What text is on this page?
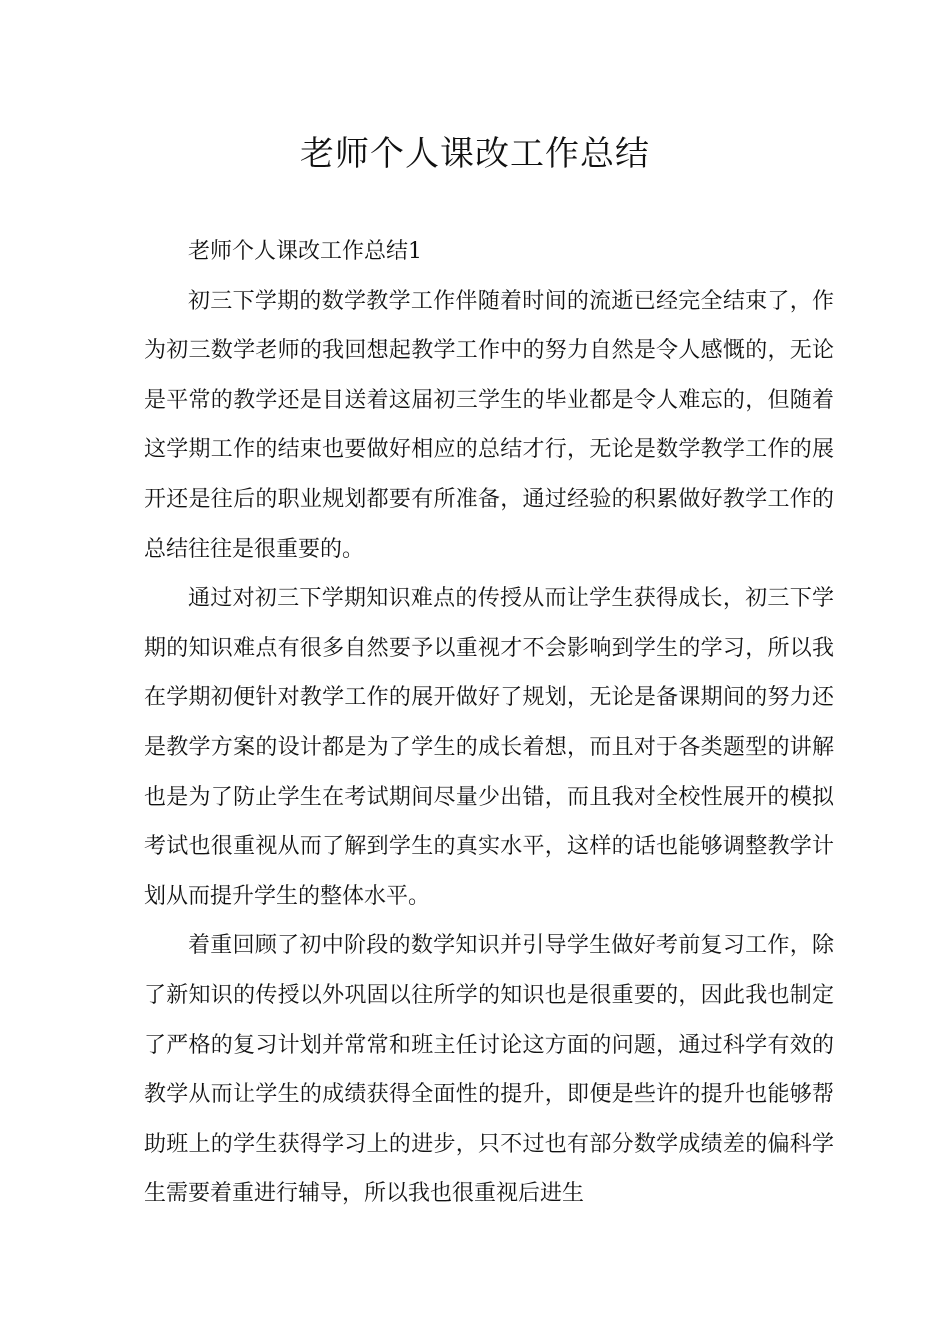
老师个人课改工作总结

老师个人课改工作总结1

初三下学期的数学教学工作伴随着时间的流逝已经完全结束了，作为初三数学老师的我回想起教学工作中的努力自然是令人感慨的，无论是平常的教学还是目送着这届初三学生的毕业都是令人难忘的，但随着这学期工作的结束也要做好相应的总结才行，无论是数学教学工作的展开还是往后的职业规划都要有所准备，通过经验的积累做好教学工作的总结往往是很重要的。

通过对初三下学期知识难点的传授从而让学生获得成长，初三下学期的知识难点有很多自然要予以重视才不会影响到学生的学习，所以我在学期初便针对教学工作的展开做好了规划，无论是备课期间的努力还是教学方案的设计都是为了学生的成长着想，而且对于各类题型的讲解也是为了防止学生在考试期间尽量少出错，而且我对全校性展开的模拟考试也很重视从而了解到学生的真实水平，这样的话也能够调整教学计划从而提升学生的整体水平。

着重回顾了初中阶段的数学知识并引导学生做好考前复习工作，除了新知识的传授以外巩固以往所学的知识也是很重要的，因此我也制定了严格的复习计划并常常和班主任讨论这方面的问题，通过科学有效的教学从而让学生的成绩获得全面性的提升，即便是些许的提升也能够帮助班上的学生获得学习上的进步，只不过也有部分数学成绩差的偏科学生需要着重进行辅导，所以我也很重视后进生
